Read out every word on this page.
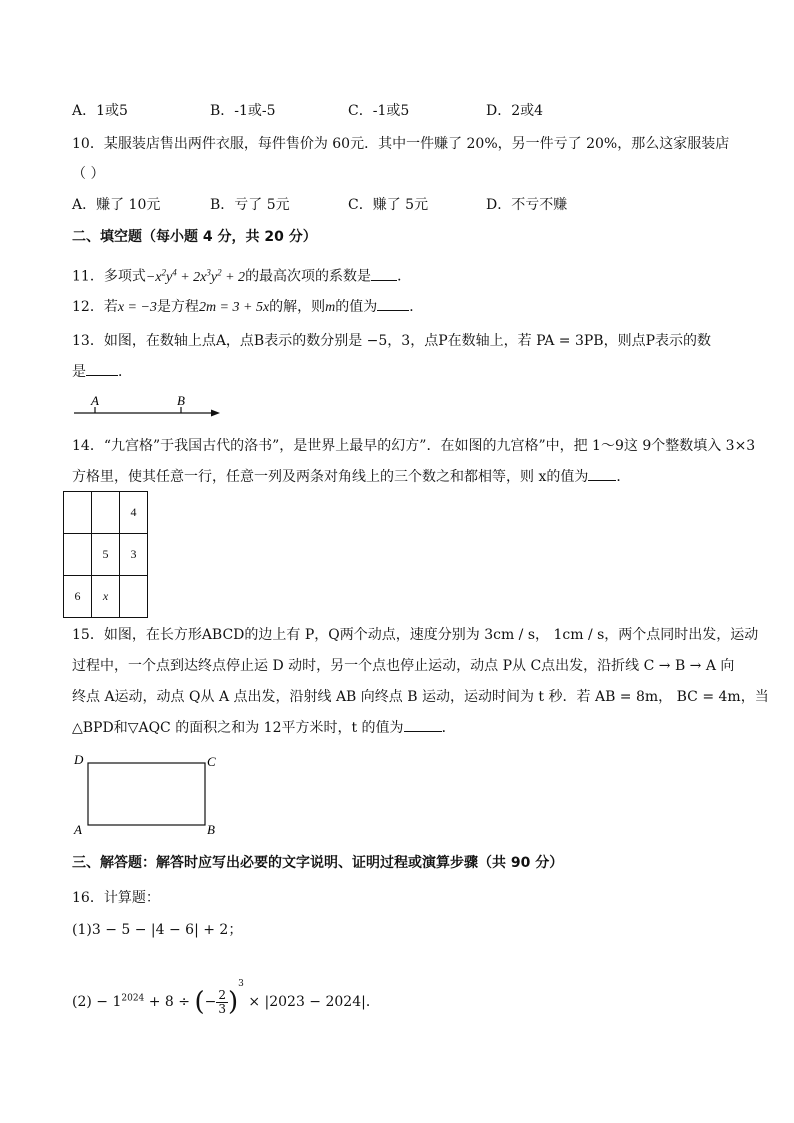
A．1或5	B．-1或-5	C．-1或5	D．2或4
10．某服装店售出两件衣服，每件售价为 60元．其中一件赚了 20%，另一件亏了 20%，那么这家服装店
（ ）
A．赚了 10元	B．亏了 5元	C．赚了 5元	D．不亏不赚
二、填空题（每小题 4 分，共 20 分）
11．多项式$-x^2y^4 + 2x^3y^2 + 2$的最高次项的系数是 ．
12．若x = −3是方程2m = 3 + 5x的解，则m的值为 ．
13．如图，在数轴上点A，点B表示的数分别是 −5，3，点P在数轴上，若 PA = 3PB，则点P表示的数
是 ．
A	B
D	C
A	B
14．“九宫格”于我国古代的洛书”，是世界上最早的幻方”．在如图的九宫格”中，把 1～9这 9个整数填入 3×3
方格里，使其任意一行，任意一列及两条对角线上的三个数之和都相等，则 x的值为 ．
		4
	5	3
6	x	
15．如图，在长方形ABCD的边上有 P，Q两个动点，速度分别为 3cm / s， 1cm / s，两个点同时出发，运动
过程中，一个点到达终点停止运 D 动时，另一个点也停止运动，动点 P从 C点出发，沿折线 C → B → A 向
终点 A运动，动点 Q从 A 点出发，沿射线 AB 向终点 B 运动，运动时间为 t 秒．若 AB = 8m， BC = 4m，当
△BPD和▽AQC 的面积之和为 12平方米时，t 的值为	．
三、解答题：解答时应写出必要的文字说明、证明过程或演算步骤（共 90 分）
16．计算题：
(1)3 − 5 − |4 − 6| + 2；
$(2) - 1^{2024} + 8$ ÷ (− $\frac{2}{3} )^3 \times |2023 - 2024|$．
